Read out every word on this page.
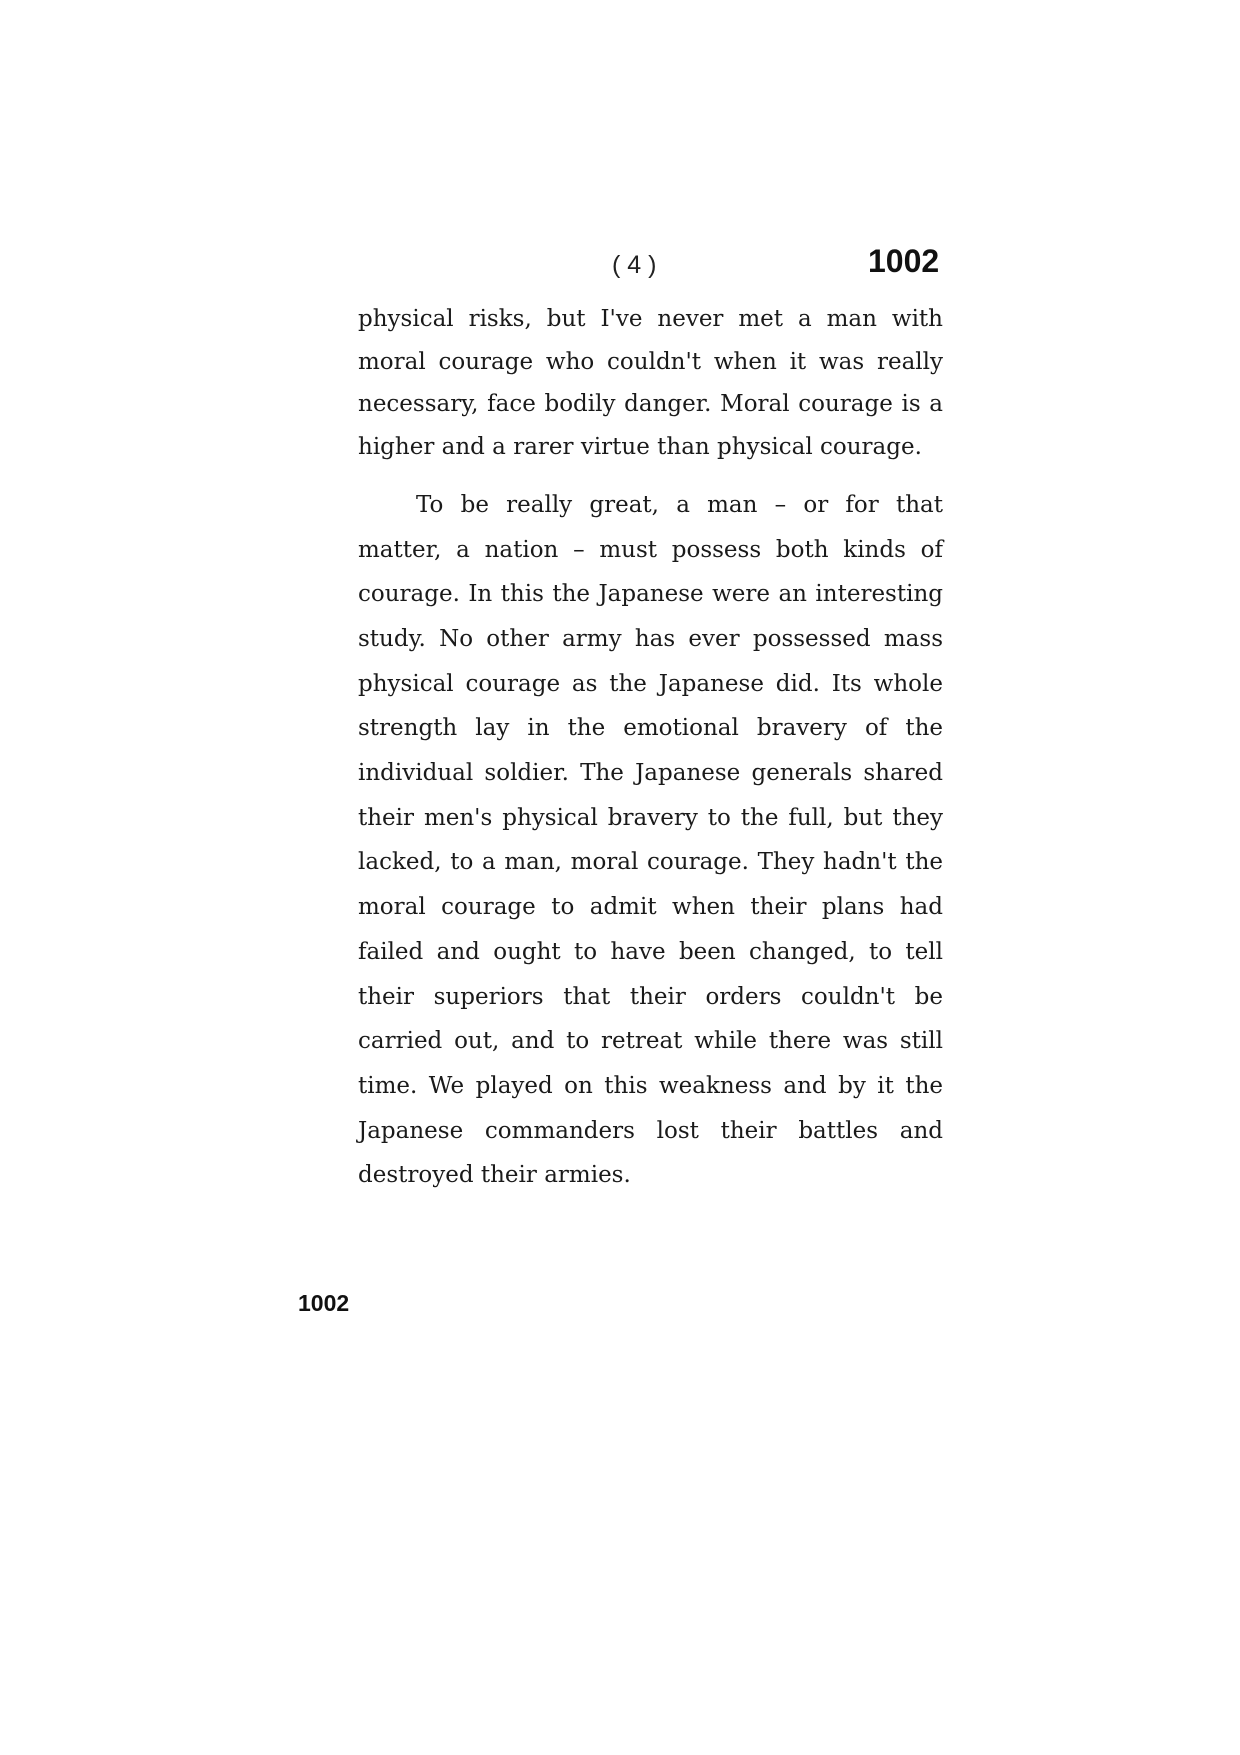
( 4 )	1002

physical risks, but I've never met a man with moral courage who couldn't when it was really necessary, face bodily danger. Moral courage is a higher and a rarer virtue than physical courage.

To be really great, a man – or for that matter, a nation – must possess both kinds of courage. In this the Japanese were an interesting study. No other army has ever possessed mass physical courage as the Japanese did. Its whole strength lay in the emotional bravery of the individual soldier. The Japanese generals shared their men's physical bravery to the full, but they lacked, to a man, moral courage. They hadn't the moral courage to admit when their plans had failed and ought to have been changed, to tell their superiors that their orders couldn't be carried out, and to retreat while there was still time. We played on this weakness and by it the Japanese commanders lost their battles and destroyed their armies.

1002
